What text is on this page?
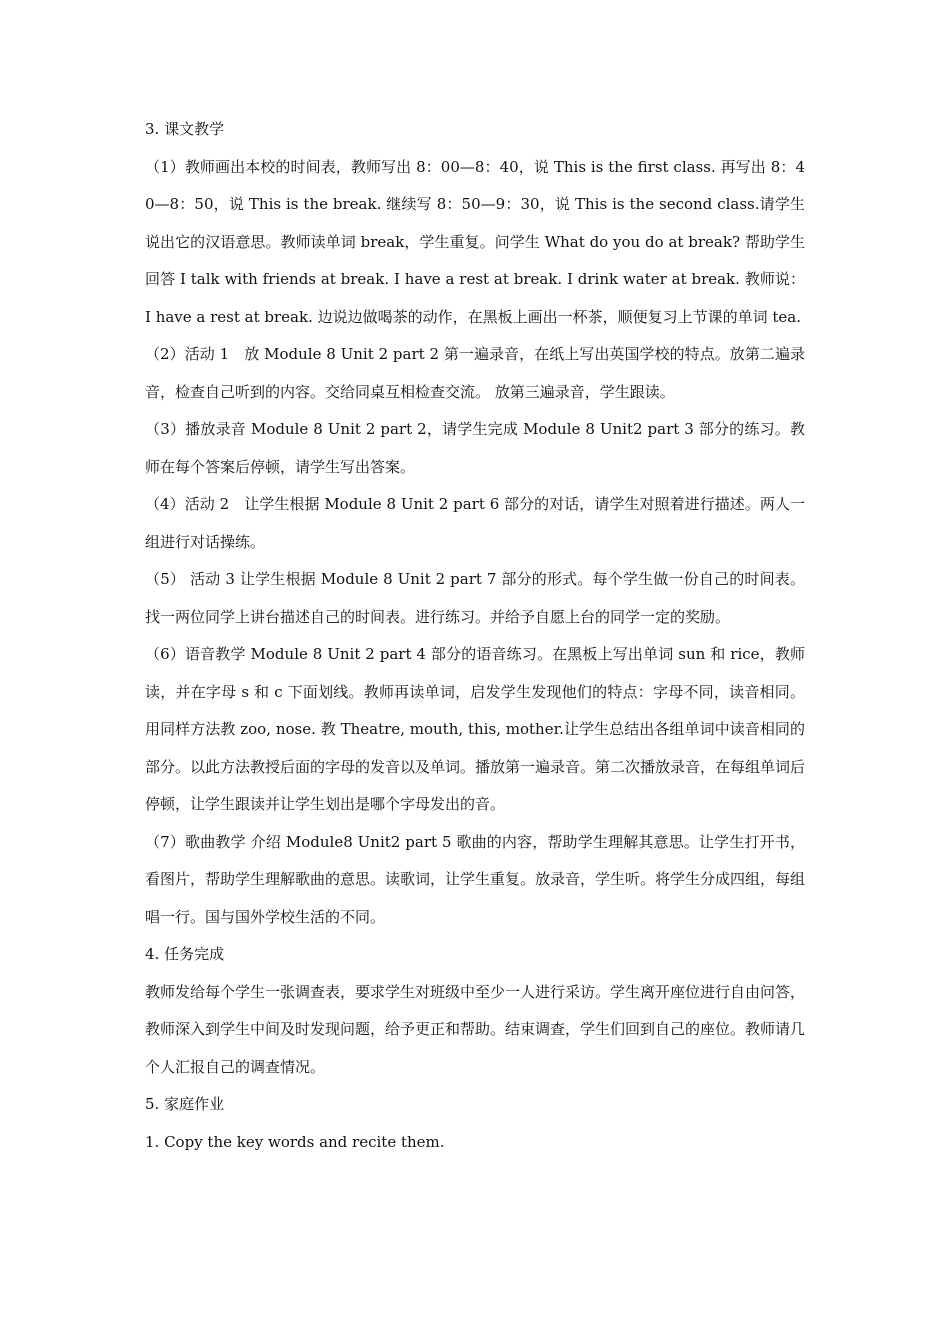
3. 课文教学

（1）教师画出本校的时间表，教师写出 8：00—8：40，说 This is the first class. 再写出 8：40—8：50，说 This is the break. 继续写 8：50—9：30，说 This is the second class.请学生说出它的汉语意思。教师读单词 break，学生重复。问学生 What do you do at break? 帮助学生回答 I talk with friends at break. I have a rest at break. I drink water at break. 教师说：I have a rest at break. 边说边做喝茶的动作，在黑板上画出一杯茶，顺便复习上节课的单词 tea.

（2）活动 1　放 Module 8 Unit 2 part 2 第一遍录音，在纸上写出英国学校的特点。放第二遍录音，检查自己听到的内容。交给同桌互相检查交流。 放第三遍录音，学生跟读。

（3）播放录音 Module 8 Unit 2 part 2，请学生完成 Module 8 Unit2 part 3 部分的练习。教师在每个答案后停顿，请学生写出答案。

（4）活动 2　让学生根据 Module 8 Unit 2 part 6 部分的对话，请学生对照着进行描述。两人一组进行对话操练。

（5） 活动 3 让学生根据 Module 8 Unit 2 part 7 部分的形式。每个学生做一份自己的时间表。找一两位同学上讲台描述自己的时间表。进行练习。并给予自愿上台的同学一定的奖励。

（6）语音教学 Module 8 Unit 2 part 4 部分的语音练习。在黑板上写出单词 sun 和 rice，教师读，并在字母 s 和 c 下面划线。教师再读单词，启发学生发现他们的特点：字母不同，读音相同。用同样方法教 zoo, nose. 教 Theatre, mouth, this, mother.让学生总结出各组单词中读音相同的部分。以此方法教授后面的字母的发音以及单词。播放第一遍录音。第二次播放录音，在每组单词后停顿，让学生跟读并让学生划出是哪个字母发出的音。

（7）歌曲教学 介绍 Module8 Unit2 part 5 歌曲的内容，帮助学生理解其意思。让学生打开书，看图片，帮助学生理解歌曲的意思。读歌词，让学生重复。放录音，学生听。将学生分成四组，每组唱一行。国与国外学校生活的不同。

4. 任务完成

教师发给每个学生一张调查表，要求学生对班级中至少一人进行采访。学生离开座位进行自由问答，教师深入到学生中间及时发现问题，给予更正和帮助。结束调查，学生们回到自己的座位。教师请几个人汇报自己的调查情况。

5. 家庭作业

1. Copy the key words and recite them.
